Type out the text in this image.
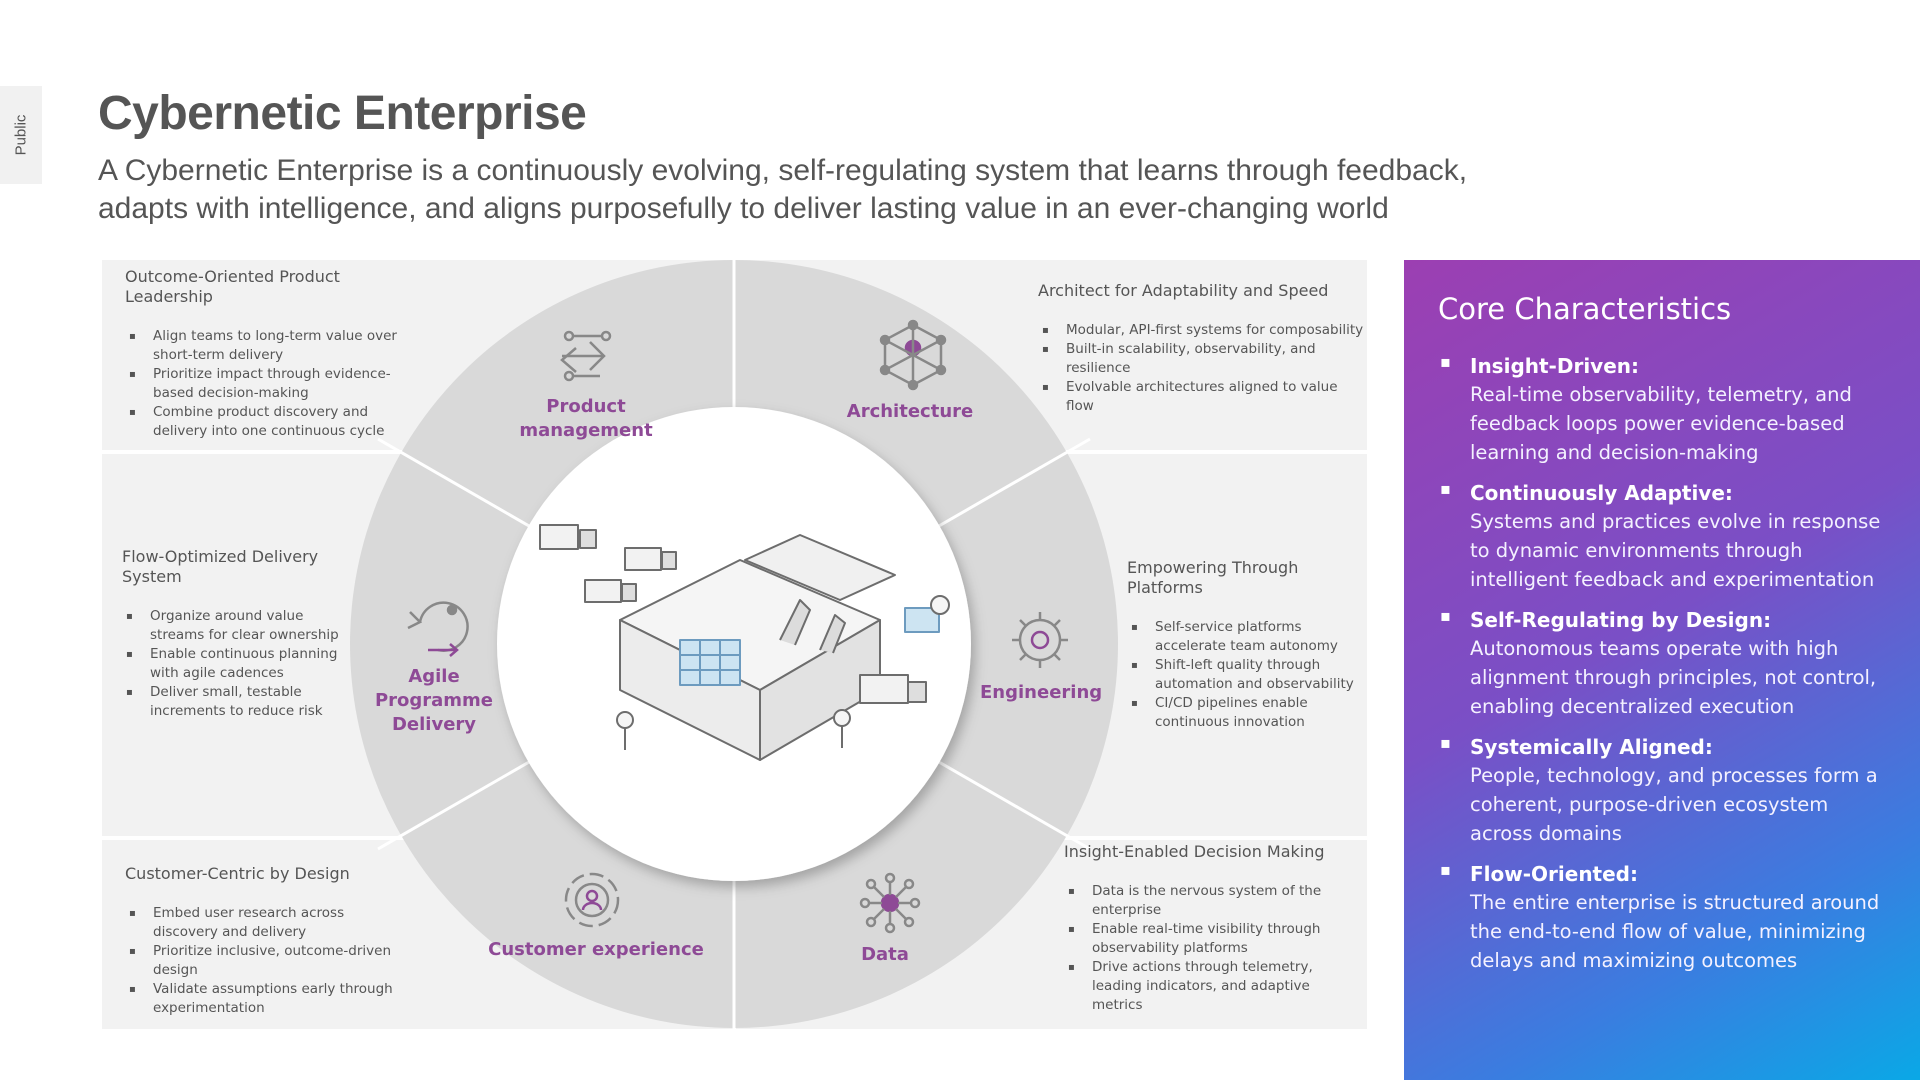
Public Cybernetic Enterprise

A Cybernetic Enterprise is a continuously evolving, self-regulating system that learns through feedback, adapts with intelligence, and aligns purposefully to deliver lasting value in an ever-changing world

Product management
Architecture
Agile Programme Delivery
Engineering
Customer experience	Data
Outcome-Oriented Product Leadership
▪ Align teams to long-term value over short-term delivery
▪ Prioritize impact through evidence-based decision-making
▪ Combine product discovery and delivery into one continuous cycle
Architect for Adaptability and Speed
▪ Modular, API-first systems for composability
▪ Built-in scalability, observability, and resilience
▪ Evolvable architectures aligned to value flow
Flow-Optimized Delivery System
▪ Organize around value streams for clear ownership
▪ Enable continuous planning with agile cadences
▪ Deliver small, testable increments to reduce risk
Empowering Through Platforms
▪ Self-service platforms accelerate team autonomy
▪ Shift-left quality through automation and observability
▪ CI/CD pipelines enable continuous innovation
Customer-Centric by Design
▪ Embed user research across discovery and delivery
▪ Prioritize inclusive, outcome-driven design
▪ Validate assumptions early through experimentation
Insight-Enabled Decision Making
▪ Data is the nervous system of the enterprise
▪ Enable real-time visibility through observability platforms
▪ Drive actions through telemetry, leading indicators, and adaptive metrics
Core Characteristics
▪ Insight-Driven:
Real-time observability, telemetry, and feedback loops power evidence-based learning and decision-making
▪ Continuously Adaptive:
Systems and practices evolve in response to dynamic environments through intelligent feedback and experimentation
▪ Self-Regulating by Design:
Autonomous teams operate with high alignment through principles, not control, enabling decentralized execution
▪ Systemically Aligned:
People, technology, and processes form a coherent, purpose-driven ecosystem across domains
▪ Flow-Oriented:
The entire enterprise is structured around the end-to-end flow of value, minimizing delays and maximizing outcomes
